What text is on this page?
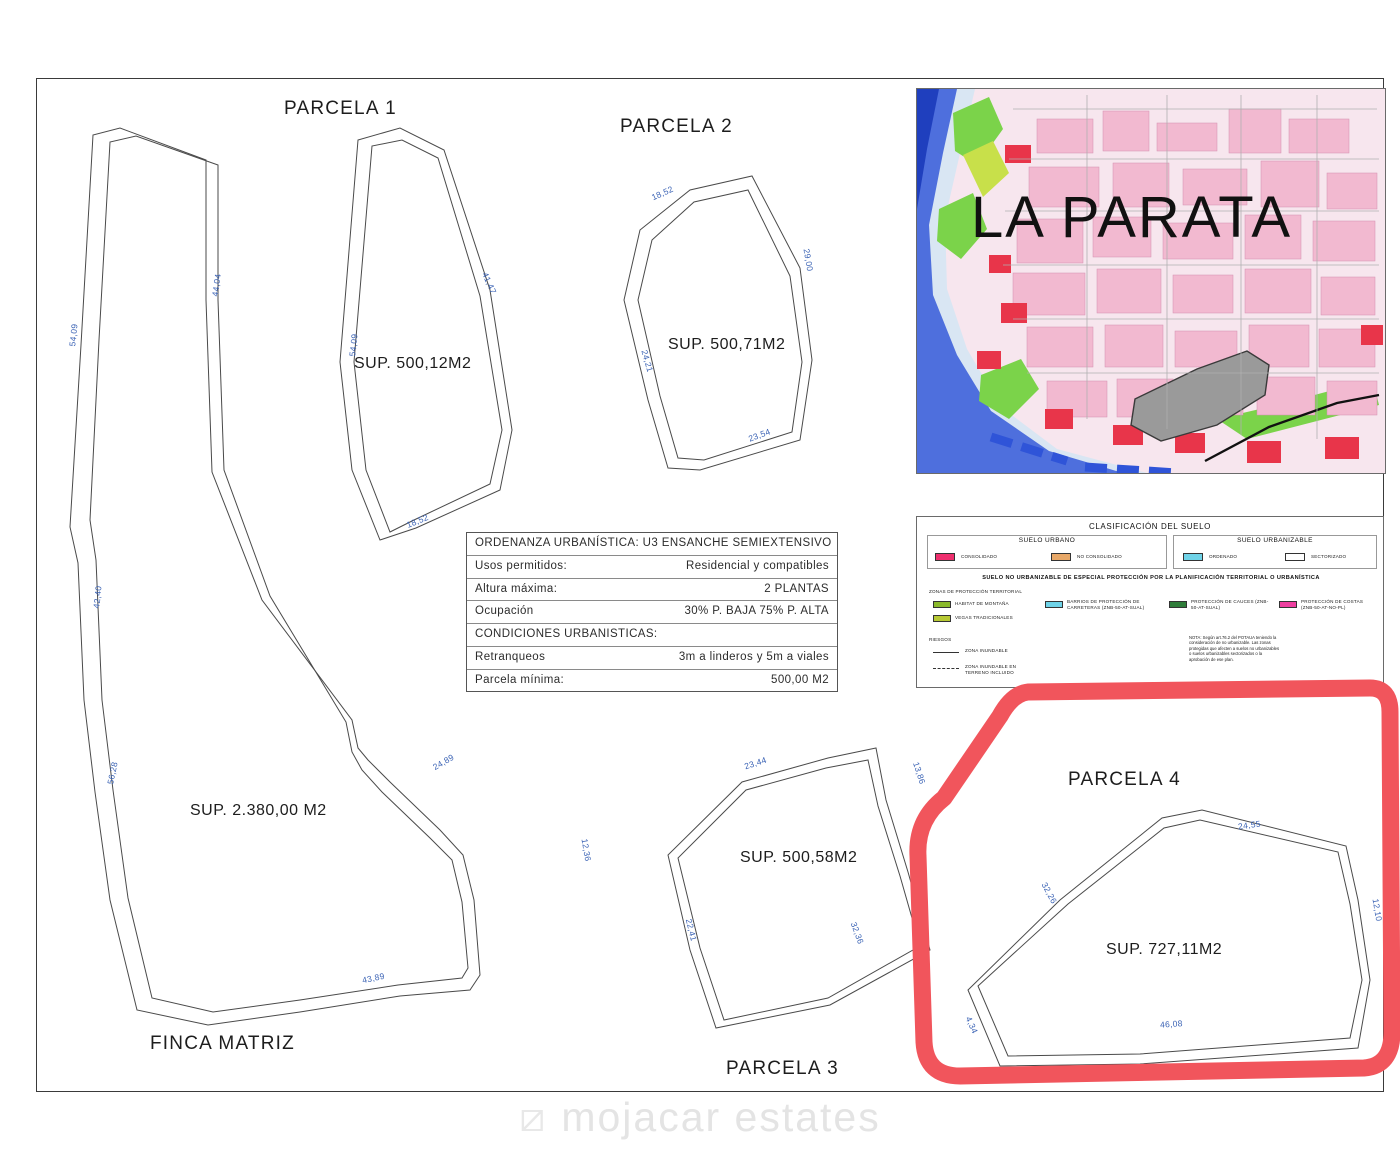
PARCELA 1
SUP. 500,12M2
44,04	41,47
54,09
18,52
PARCELA 2
SUP. 500,71M2
18,52
29,00
24,21
23,54
PARCELA 3
SUP. 500,58M2
23,44	13,86
22,41	32,36
PARCELA 4
SUP. 727,11M2
24,55
32,26
12,10
46,08
4,34
FINCA MATRIZ
SUP. 2.380,00 M2
54,09
42,40
56,28	24,89
12,36
43,89
ORDENANZA URBANÍSTICA: U3 ENSANCHE SEMIEXTENSIVO
Usos permitidos:	Residencial y compatibles
Altura máxima:	2 PLANTAS
Ocupación	30% P. BAJA 75% P. ALTA
CONDICIONES URBANISTICAS:
Retranqueos	3m a linderos y 5m a viales
Parcela mínima:	500,00 M2
LA PARATA
CLASIFICACIÓN DEL SUELO
SUELO URBANO
CONSOLIDADO	NO CONSOLIDADO
SUELO URBANIZABLE
ORDENADO	SECTORIZADO
SUELO NO URBANIZABLE DE ESPECIAL PROTECCIÓN POR LA PLANIFICACIÓN TERRITORIAL O URBANÍSTICA
ZONAS DE PROTECCIÓN TERRITORIAL
HABITAT DE MONTAÑA
VEGAS TRADICIONALES
BARRIOS DE PROTECCIÓN DE CARRETERAS (ZNB-50-AT-SUAL)
PROTECCIÓN DE CAUCES (ZNB-50-AT-SUAL)
PROTECCIÓN DE COSTAS (ZNB-50-AT-NO-PL)
RIESGOS
ZONA INUNDABLE
ZONA INUNDABLE EN TERRENO INCLUIDO
NOTA: Según art.76.2 del POTAUA teniendo la consideración de no urbanizable. Las zonas protegidas que afecten a suelos no urbanizables o suelos urbanizables sectorizados o la aprobación de ese plan.
⧄ mojacar estates
